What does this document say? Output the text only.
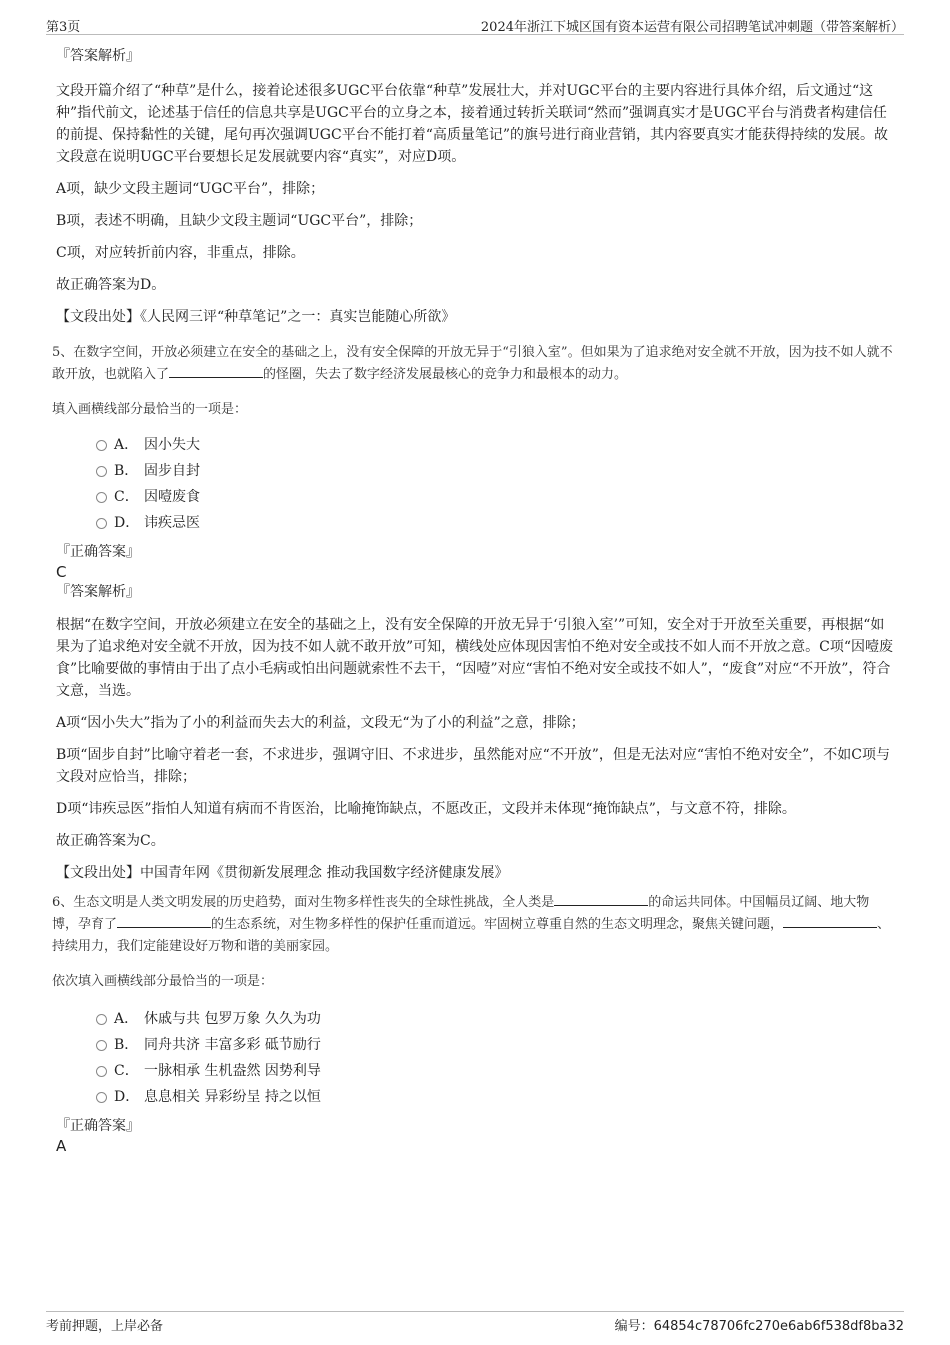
第3页	2024年浙江下城区国有资本运营有限公司招聘笔试冲刺题（带答案解析）

『答案解析』

文段开篇介绍了“种草”是什么，接着论述很多UGC平台依靠“种草”发展壮大，并对UGC平台的主要内容进行具体介绍，后文通过“这种”指代前文，论述基于信任的信息共享是UGC平台的立身之本，接着通过转折关联词“然而”强调真实才是UGC平台与消费者构建信任的前提、保持黏性的关键，尾句再次强调UGC平台不能打着“高质量笔记”的旗号进行商业营销，其内容要真实才能获得持续的发展。故文段意在说明UGC平台要想长足发展就要内容“真实”，对应D项。

A项，缺少文段主题词“UGC平台”，排除；

B项，表述不明确，且缺少文段主题词“UGC平台”，排除；

C项，对应转折前内容，非重点，排除。

故正确答案为D。

【文段出处】《人民网三评“种草笔记”之一：真实岂能随心所欲》

5、在数字空间，开放必须建立在安全的基础之上，没有安全保障的开放无异于“引狼入室”。但如果为了追求绝对安全就不开放，因为技不如人就不敢开放，也就陷入了	的怪圈，失去了数字经济发展最核心的竞争力和最根本的动力。

填入画横线部分最恰当的一项是：

A． 因小失大
B． 固步自封
C． 因噎废食
D． 讳疾忌医

『正确答案』

C

『答案解析』

根据“在数字空间，开放必须建立在安全的基础之上，没有安全保障的开放无异于‘引狼入室’”可知，安全对于开放至关重要，再根据“如果为了追求绝对安全就不开放，因为技不如人就不敢开放”可知，横线处应体现因害怕不绝对安全或技不如人而不开放之意。C项“因噎废食”比喻要做的事情由于出了点小毛病或怕出问题就索性不去干，“因噎”对应“害怕不绝对安全或技不如人”，“废食”对应“不开放”，符合文意，当选。

A项“因小失大”指为了小的利益而失去大的利益，文段无“为了小的利益”之意，排除；

B项“固步自封”比喻守着老一套，不求进步，强调守旧、不求进步，虽然能对应“不开放”，但是无法对应“害怕不绝对安全”，不如C项与文段对应恰当，排除；

D项“讳疾忌医”指怕人知道有病而不肯医治，比喻掩饰缺点，不愿改正，文段并未体现“掩饰缺点”，与文意不符，排除。

故正确答案为C。

【文段出处】中国青年网《贯彻新发展理念 推动我国数字经济健康发展》

6、生态文明是人类文明发展的历史趋势，面对生物多样性丧失的全球性挑战，全人类是	的命运共同体。中国幅员辽阔、地大物博，孕育了	的生态系统，对生物多样性的保护任重而道远。牢固树立尊重自然的生态文明理念，聚焦关键问题，	、持续用力，我们定能建设好万物和谐的美丽家园。

依次填入画横线部分最恰当的一项是：

A． 休戚与共 包罗万象 久久为功
B． 同舟共济 丰富多彩 砥节励行
C． 一脉相承 生机盎然 因势利导
D． 息息相关 异彩纷呈 持之以恒

『正确答案』

A

考前押题，上岸必备	编号：64854c78706fc270e6ab6f538df8ba32
